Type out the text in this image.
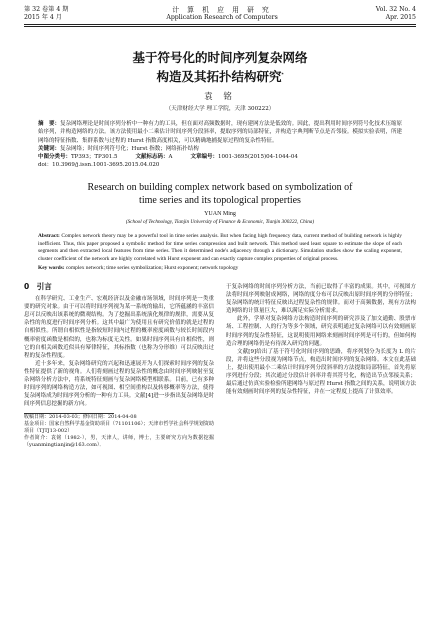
第 32 卷第 4 期
2015 年 4 月
计 算 机 应 用 研 究
Application Research of Computers
Vol. 32 No. 4
Apr. 2015
基于符号化的时间序列复杂网络
构造及其拓扑结构研究*
袁 铭
（天津财经大学 理工学院，天津 300222）
摘　要：复杂网络理论是时间序列分析中一种有力的工具，但在面对高频数据时，现有建网方法是低效的。因此，提出利用时间序列符号化技术压缩原始序列，并构造网络的方法。该方法使用最小二乘估计时间序列分段斜率，提取序列的局部特征，并构造字典判断节点是否邻接。模拟实验表明，所建网络的特征指数、集群系数与过程的 Hurst 指数高度相关，可以精确地捕捉原过程的复杂性特征。
关键词：复杂网络；时间序列符号化；Hurst 指数；网络拓扑结构
中图分类号：TP393；TP301.5	文献标志码：A	文章编号：1001-3695(2015)04-1044-04
doi：10.3969/j.issn.1001-3695.2015.04.020
Research on building complex network based on symbolization of
time series and its topological properties
YUAN Ming
(School of Technology, Tianjin University of Finance & Economic, Tianjin 300222, China)
Abstract: Complex network theory may be a powerful tool in time series analysis. But when facing high frequency data, current method of building network is highly inefficient. Thus, this paper proposed a symbolic method for time series compression and built network. This method used least square to estimate the slope of each segments and then extracted local features from time series. Then it determined node's adjacency through a dictionary. Simulation studies show the scaling exponent, cluster coefficient of the network are highly correlated with Hurst exponent and can exactly capture complex properties of original process.
Key words: complex network; time series symbolization; Hurst exponent; network topology
0　引言

在科学研究、工业生产、宏观经济以及金融市场领域，时间序列是一类重要的研究对象。由于可以将时间序列视为某一系统的输出，它所蕴涵的丰富信息可以反映出该系统的微观结构。为了挖掘出系统演化规律的规律，需要从复杂性的角度进行时间序列分析。这其中最广为使用且有研究价值的就是过程的自相似性。所谓自相似性是指较短时间内过程的概率密度函数与较长时间段内概率密度函数是相似的，也称为标度无关性。如果时间序列具有自相似性，则它的自相关函数近似具有幂律特征，其标指数（也称为分形维）可以反映出过程的复杂性程度。

近十多年来，复杂网络研究的兴起和迅速展开为人们探索时间序列的复杂性特征提供了新的视角。人们将刻画过程的复杂性的概念由时间序列映射至复杂网络分析方法中，将系统特征刻画与复杂网络模型相联系。目前，已有多种时间序列的网络构造方法，如可视图、相空间重构以及转移概率等方法，使得复杂网络成为时间序列分析的一种有力工具。文献[4]进一步指出复杂网络是时间序列信息挖掘的新方向。

收稿日期：2014-03-03；修回日期：2014-04-08
基金项目：国家自然科学基金资助项目（71101106）；天津市哲学社会科学规划资助项目（TJTJ13-002）
作者简介：袁铭（1982-），男，天津人，讲师，博士，主要研究方向为数据挖掘（yuanmingtianjin@163.com）．

于复杂网络的时间序列分析方法，当前已取得了丰富的成果。其中，可视图方法将时间序列映射成网络，网络的度分布可以反映出原时间序列的分形特征；复杂网络的统计特征反映出过程复杂性的规律。而对于高频数据，现有方法构造网络的计算量巨大，难以满足实际分析需求。

此外，学界对复杂网络方法构造时间序列的研究涉及了加文通勤、股票市场、工程控制、人的行为等多个领域，研究表明通过复杂网络可以有效刻画原时间序列的复杂性特征，这说明使用网络来刻画时间序列是可行的，但如何构造合理的网络仍是有待深入研究的问题。

文献[9]给出了基于符号化时间序列的思路，将序列划分为长度为 L 的片段，并将这些分段视为网络节点，构造出时间序列的复杂网络。本文在此基础上，提出使用最小二乘估计时间序列分段斜率的方法提取局部特征，首先将原序列进行分段；其次通过分段估计斜率并将其符号化，构造出节点邻接关系；最后通过仿真实验检验所建网络与原过程 Hurst 指数之间的关系，说明该方法能有效刻画时间序列的复杂性特征，并在一定程度上提高了计算效率。
